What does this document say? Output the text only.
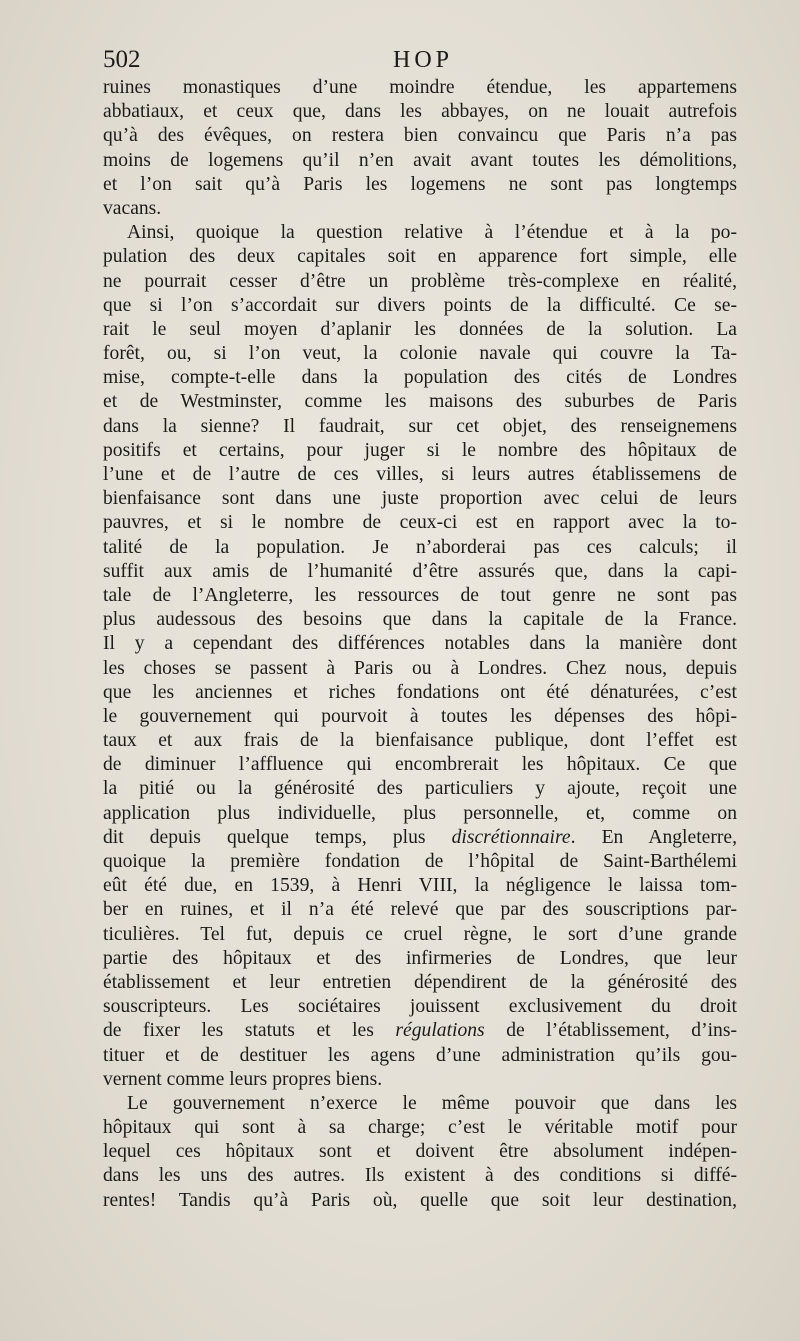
502	HOP
ruines monastiques d’une moindre étendue, les appartemens
abbatiaux, et ceux que, dans les abbayes, on ne louait autrefois
qu’à des évêques, on restera bien convaincu que Paris n’a pas
moins de logemens qu’il n’en avait avant toutes les démolitions,
et l’on sait qu’à Paris les logemens ne sont pas longtemps
vacans.
Ainsi, quoique la question relative à l’étendue et à la po-
pulation des deux capitales soit en apparence fort simple, elle
ne pourrait cesser d’être un problème très-complexe en réalité,
que si l’on s’accordait sur divers points de la difficulté. Ce se-
rait le seul moyen d’aplanir les données de la solution. La
forêt, ou, si l’on veut, la colonie navale qui couvre la Ta-
mise, compte-t-elle dans la population des cités de Londres
et de Westminster, comme les maisons des suburbes de Paris
dans la sienne? Il faudrait, sur cet objet, des renseignemens
positifs et certains, pour juger si le nombre des hôpitaux de
l’une et de l’autre de ces villes, si leurs autres établissemens de
bienfaisance sont dans une juste proportion avec celui de leurs
pauvres, et si le nombre de ceux-ci est en rapport avec la to-
talité de la population. Je n’aborderai pas ces calculs; il
suffit aux amis de l’humanité d’être assurés que, dans la capi-
tale de l’Angleterre, les ressources de tout genre ne sont pas
plus audessous des besoins que dans la capitale de la France.
Il y a cependant des différences notables dans la manière dont
les choses se passent à Paris ou à Londres. Chez nous, depuis
que les anciennes et riches fondations ont été dénaturées, c’est
le gouvernement qui pourvoit à toutes les dépenses des hôpi-
taux et aux frais de la bienfaisance publique, dont l’effet est
de diminuer l’affluence qui encombrerait les hôpitaux. Ce que
la pitié ou la générosité des particuliers y ajoute, reçoit une
application plus individuelle, plus personnelle, et, comme on
dit depuis quelque temps, plus discrétionnaire. En Angleterre,
quoique la première fondation de l’hôpital de Saint-Barthélemi
eût été due, en 1539, à Henri VIII, la négligence le laissa tom-
ber en ruines, et il n’a été relevé que par des souscriptions par-
ticulières. Tel fut, depuis ce cruel règne, le sort d’une grande
partie des hôpitaux et des infirmeries de Londres, que leur
établissement et leur entretien dépendirent de la générosité des
souscripteurs. Les sociétaires jouissent exclusivement du droit
de fixer les statuts et les régulations de l’établissement, d’ins-
tituer et de destituer les agens d’une administration qu’ils gou-
vernent comme leurs propres biens.
Le gouvernement n’exerce le même pouvoir que dans les
hôpitaux qui sont à sa charge; c’est le véritable motif pour
lequel ces hôpitaux sont et doivent être absolument indépen-
dans les uns des autres. Ils existent à des conditions si diffé-
rentes! Tandis qu’à Paris où, quelle que soit leur destination,
